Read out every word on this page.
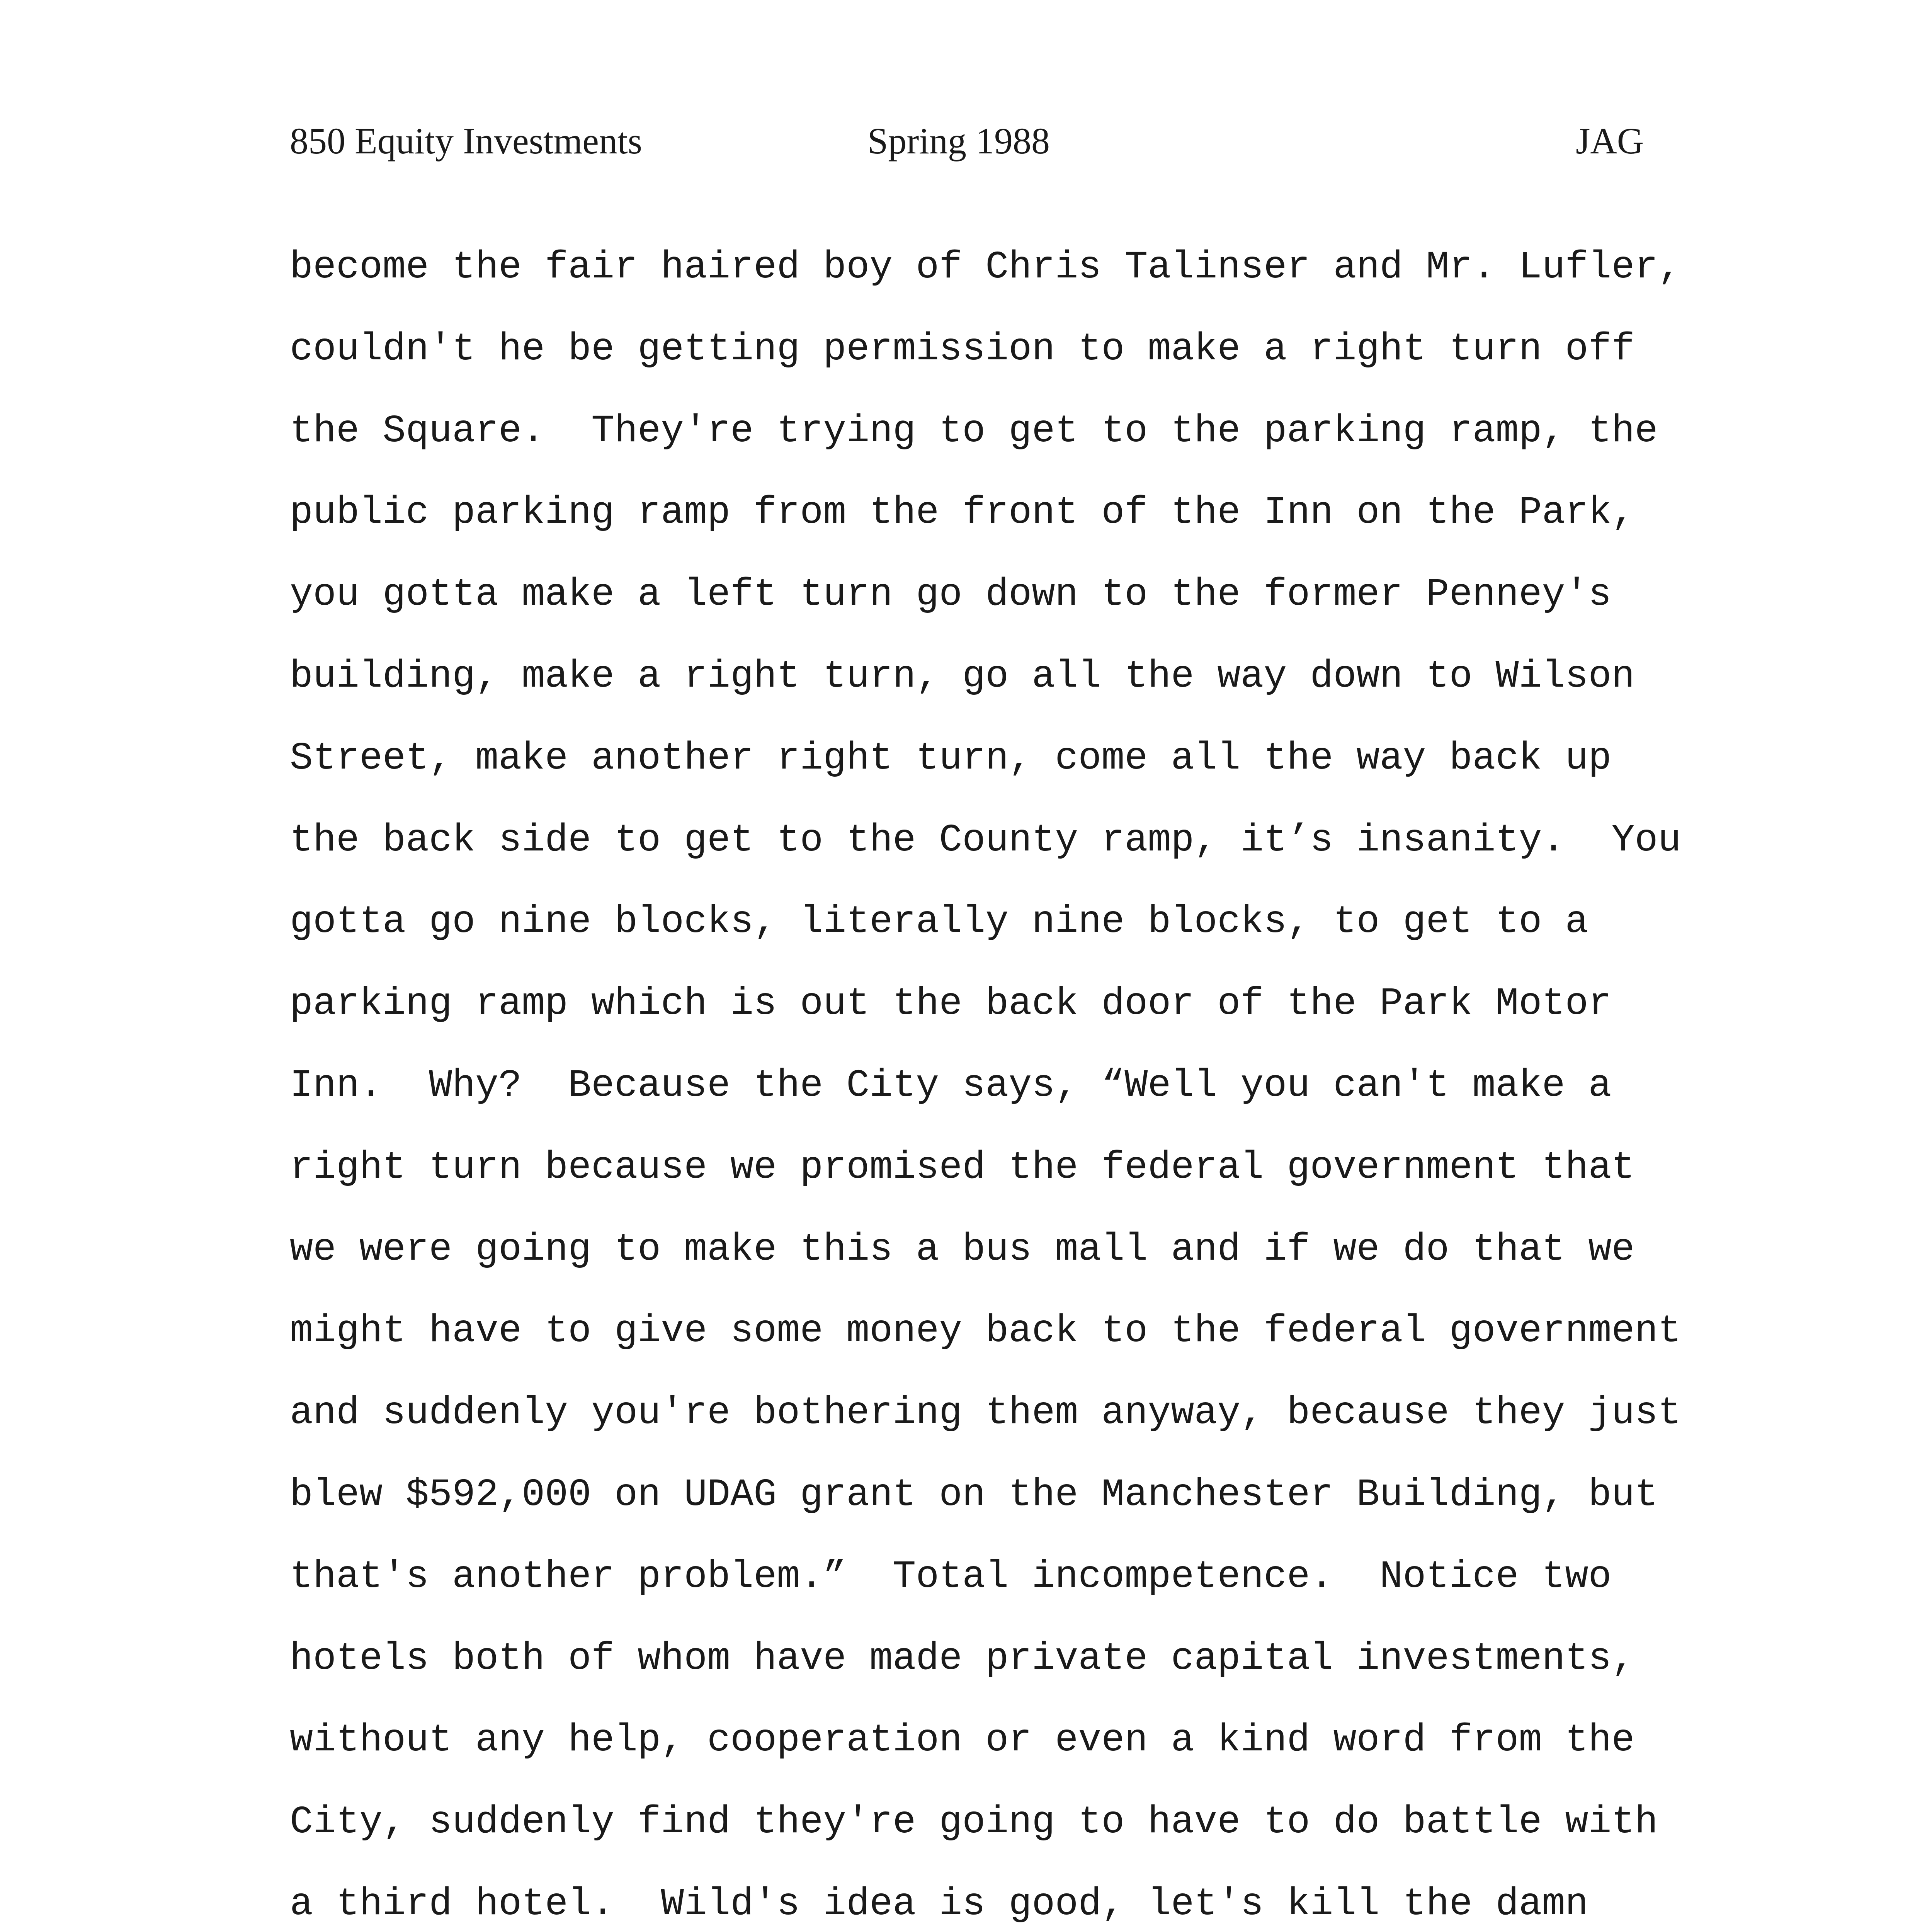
850 Equity Investments	Spring 1988	JAG
become the fair haired boy of Chris Talinser and Mr. Lufler,
couldn't he be getting permission to make a right turn off
the Square.  They're trying to get to the parking ramp, the
public parking ramp from the front of the Inn on the Park,
you gotta make a left turn go down to the former Penney's
building, make a right turn, go all the way down to Wilson
Street, make another right turn, come all the way back up
the back side to get to the County ramp, it’s insanity.  You
gotta go nine blocks, literally nine blocks, to get to a
parking ramp which is out the back door of the Park Motor
Inn.  Why?  Because the City says, “Well you can't make a
right turn because we promised the federal government that
we were going to make this a bus mall and if we do that we
might have to give some money back to the federal government
and suddenly you're bothering them anyway, because they just
blew $592,000 on UDAG grant on the Manchester Building, but
that's another problem.”  Total incompetence.  Notice two
hotels both of whom have made private capital investments,
without any help, cooperation or even a kind word from the
City, suddenly find they're going to have to do battle with
a third hotel.  Wild's idea is good, let's kill the damn
